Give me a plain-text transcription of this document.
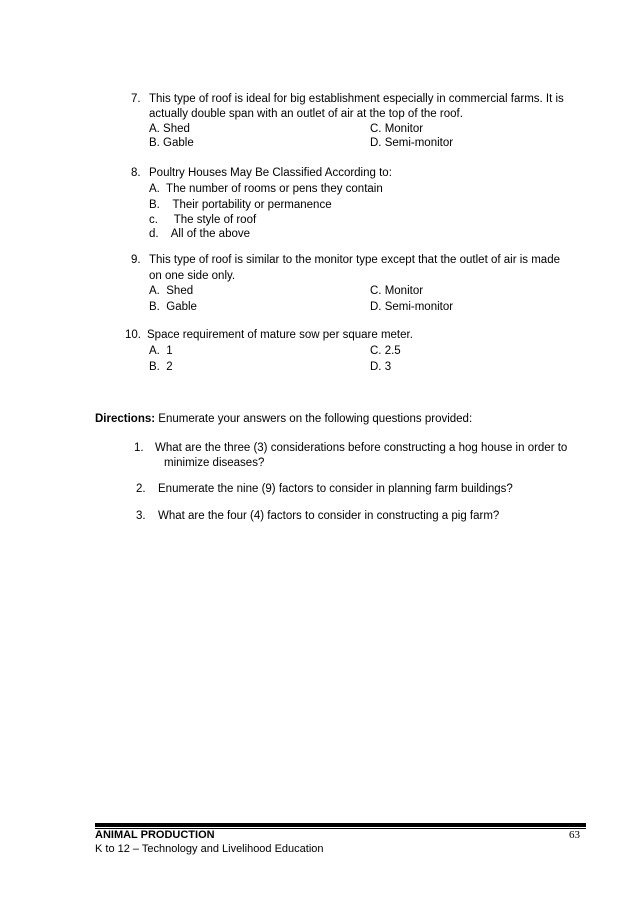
7. This type of roof is ideal for big establishment especially in commercial farms. It is
actually double span with an outlet of air at the top of the roof.
A. Shed	C. Monitor
B. Gable	D. Semi-monitor
8. Poultry Houses May Be Classified According to:
A.  The number of rooms or pens they contain
B.    Their portability or permanence
c.     The style of roof
d.    All of the above
9. This type of roof is similar to the monitor type except that the outlet of air is made
on one side only.
A.  Shed	C. Monitor
B.  Gable	D. Semi-monitor
10. Space requirement of mature sow per square meter.
A.  1	C. 2.5
B.  2	D. 3
Directions: Enumerate your answers on the following questions provided:
1. What are the three (3) considerations before constructing a hog house in order to
minimize diseases?
2. Enumerate the nine (9) factors to consider in planning farm buildings?
3. What are the four (4) factors to consider in constructing a pig farm?
ANIMAL PRODUCTION	63
K to 12 – Technology and Livelihood Education
